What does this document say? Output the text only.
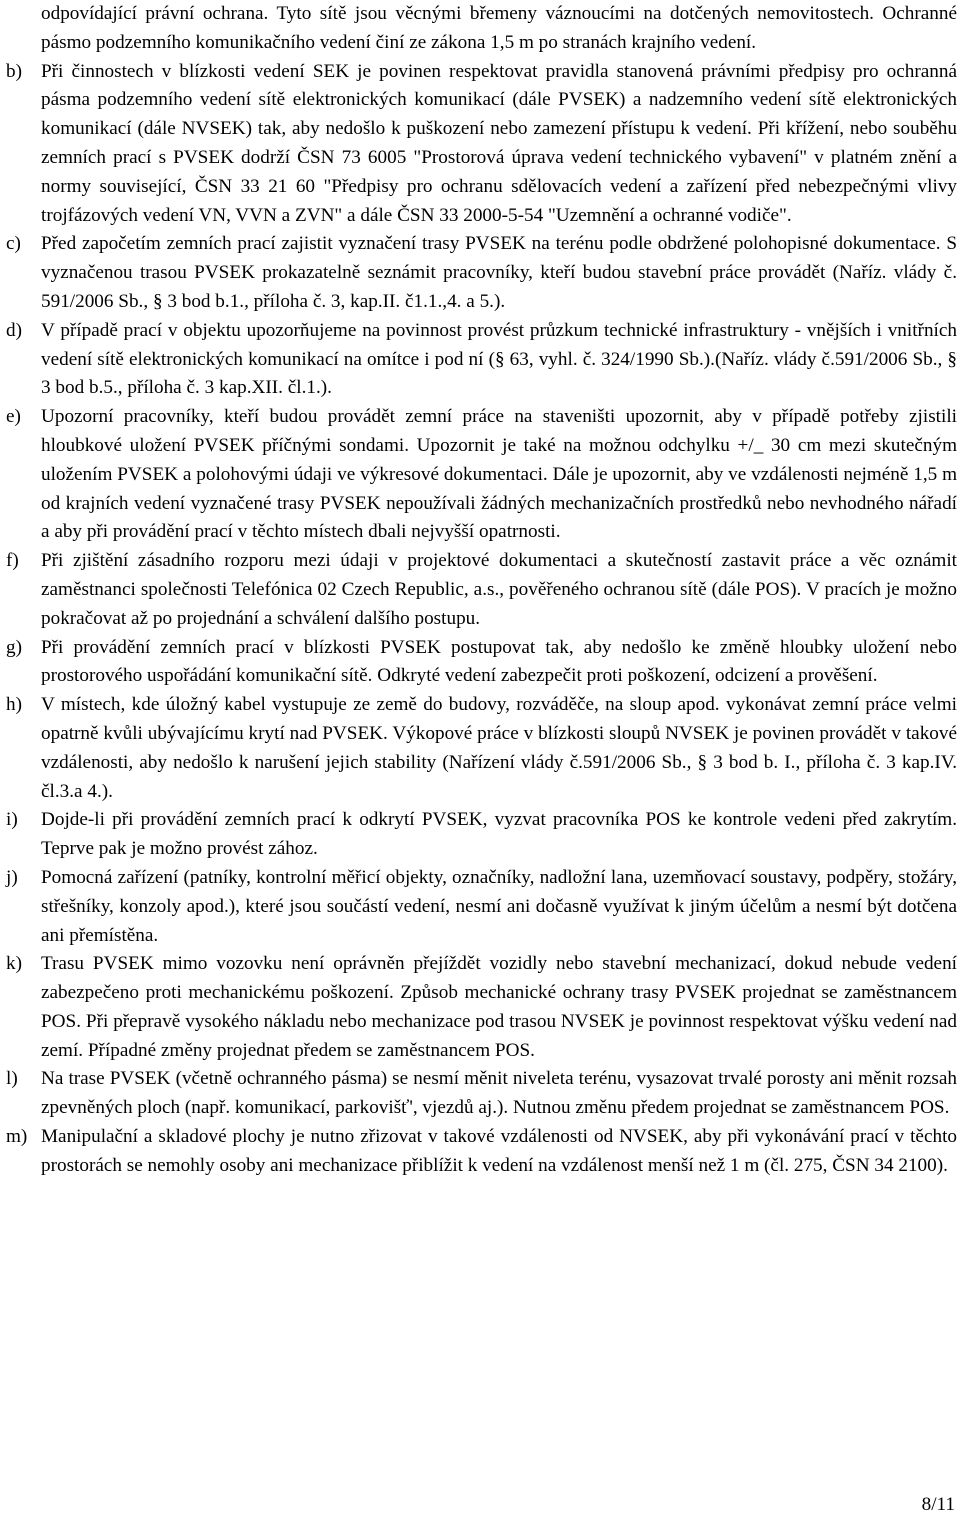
odpovídající právní ochrana. Tyto sítě jsou věcnými břemeny váznoucími na dotčených nemovitostech. Ochranné pásmo podzemního komunikačního vedení činí ze zákona 1,5 m po stranách krajního vedení.

b) Při činnostech v blízkosti vedení SEK je povinen respektovat pravidla stanovená právními předpisy pro ochranná pásma podzemního vedení sítě elektronických komunikací (dále PVSEK) a nadzemního vedení sítě elektronických komunikací (dále NVSEK) tak, aby nedošlo k puškození nebo zamezení přístupu k vedení. Při křížení, nebo souběhu zemních prací s PVSEK dodrží ČSN 73 6005 "Prostorová úprava vedení technického vybavení" v platném znění a normy související, ČSN 33 21 60 "Předpisy pro ochranu sdělovacích vedení a zařízení před nebezpečnými vlivy trojfázových vedení VN, VVN a ZVN" a dále ČSN 33 2000-5-54 "Uzemnění a ochranné vodiče".

c)	Před započetím zemních prací zajistit vyznačení trasy PVSEK na terénu podle obdržené polohopisné dokumentace. S vyznačenou trasou PVSEK prokazatelně seznámit pracovníky, kteří budou stavební práce provádět (Naříz. vlády č. 591/2006 Sb., § 3 bod b.1., příloha č. 3, kap.II. č1.1.,4. a 5.).

d) V případě prací v objektu upozorňujeme na povinnost provést průzkum technické infrastruktury - vnějších i vnitřních vedení sítě elektronických komunikací na omítce i pod ní (§ 63, vyhl. č. 324/1990 Sb.).(Naříz. vlády č.591/2006 Sb., § 3 bod b.5., příloha č. 3 kap.XII. čl.1.).

e)	Upozorní pracovníky, kteří budou provádět zemní práce na staveništi upozornit, aby v případě potřeby zjistili hloubkové uložení PVSEK příčnými sondami. Upozornit je také na možnou odchylku +/_ 30 cm mezi skutečným uložením PVSEK a polohovými údaji ve výkresové dokumentaci. Dále je upozornit, aby ve vzdálenosti nejméně 1,5 m od krajních vedení vyznačené trasy PVSEK nepoužívali žádných mechanizačních prostředků nebo nevhodného nářadí a aby při provádění prací v těchto místech dbali nejvyšší opatrnosti.

f)	Při zjištění zásadního rozporu mezi údaji v projektové dokumentaci a skutečností zastavit práce a věc oznámit zaměstnanci společnosti Telefónica 02 Czech Republic, a.s., pověřeného ochranou sítě (dále POS). V pracích je možno pokračovat až po projednání a schválení dalšího postupu.

g) Při provádění zemních prací v blízkosti PVSEK postupovat tak, aby nedošlo ke změně hloubky uložení nebo prostorového uspořádání komunikační sítě. Odkryté vedení zabezpečit proti poškození, odcizení a prověšení.

h) V místech, kde úložný kabel vystupuje ze země do budovy, rozváděče, na sloup apod. vykonávat zemní práce velmi opatrně kvůli ubývajícímu krytí nad PVSEK. Výkopové práce v blízkosti sloupů NVSEK je povinen provádět v takové vzdálenosti, aby nedošlo k narušení jejich stability (Nařízení vlády č.591/2006 Sb., § 3 bod b. I., příloha č. 3 kap.IV. čl.3.a 4.).

i)	Dojde-li při provádění zemních prací k odkrytí PVSEK, vyzvat pracovníka POS ke kontrole vedeni před zakrytím. Teprve pak je možno provést zához.

j)	Pomocná zařízení (patníky, kontrolní měřicí objekty, označníky, nadložní lana, uzemňovací soustavy, podpěry, stožáry, střešníky, konzoly apod.), které jsou součástí vedení, nesmí ani dočasně využívat k jiným účelům a nesmí být dotčena ani přemístěna.

k) Trasu PVSEK mimo vozovku není oprávněn přejíždět vozidly nebo stavební mechanizací, dokud nebude vedení zabezpečeno proti mechanickému poškození. Způsob mechanické ochrany trasy PVSEK projednat se zaměstnancem POS. Při přepravě vysokého nákladu nebo mechanizace pod trasou NVSEK je povinnost respektovat výšku vedení nad zemí. Případné změny projednat předem se zaměstnancem POS.

l)	Na trase PVSEK (včetně ochranného pásma) se nesmí měnit niveleta terénu, vysazovat trvalé porosty ani měnit rozsah zpevněných ploch (např. komunikací, parkovišť', vjezdů aj.). Nutnou změnu předem projednat se zaměstnancem POS.

m) Manipulační a skladové plochy je nutno zřizovat v takové vzdálenosti od NVSEK, aby při vykonávání prací v těchto prostorách se nemohly osoby ani mechanizace přiblížit k vedení na vzdálenost menší než 1 m (čl. 275, ČSN 34 2100).

8/11
